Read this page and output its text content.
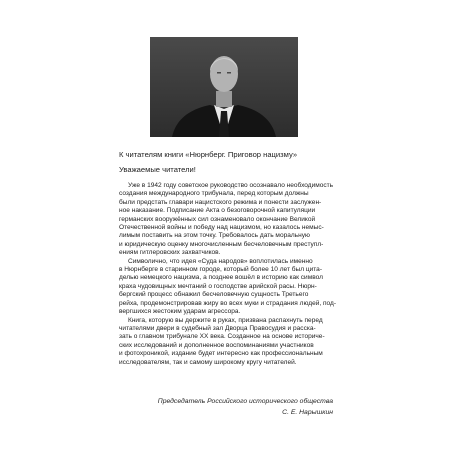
К читателям книги «Нюрнберг. Приговор нацизму»
Уважаемые читатели!
Уже в 1942 году советское руководство осознавало необходимость
создания международного трибунала, перед которым должны
были предстать главари нацистского режима и понести заслужен-
ное наказание. Подписание Акта о безоговорочной капитуляции
германских вооружённых сил ознаменовало окончание Великой
Отечественной войны и победу над нацизмом, но казалось немыс-
лимым поставить на этом точку. Требовалось дать моральную
и юридическую оценку многочисленным бесчеловечным преступл-
ениям гитлеровских захватчиков.
Символично, что идея «Суда народов» воплотилась именно
в Нюрнберге в старинном городе, который более 10 лет был цита-
делью немецкого нацизма, а позднее вошёл в историю как символ
краха чудовищных мечтаний о господстве арийской расы. Нюрн-
бергский процесс обнажил бесчеловечную сущность Третьего
рейха, продемонстрировав жиру во всех муки и страдания людей, под-
вергшихся жестоким ударам агрессора.
Книга, которую вы держите в руках, призвана распахнуть перед
читателями двери в судебный зал Дворца Правосудия и расска-
зать о главном трибунале XX века. Созданное на основе историче-
ских исследований и дополненное воспоминаниями участников
и фотохроникой, издание будет интересно как профессиональным
исследователям, так и самому широкому кругу читателей.
Председатель Российского исторического общества
С. Е. Нарышкин
